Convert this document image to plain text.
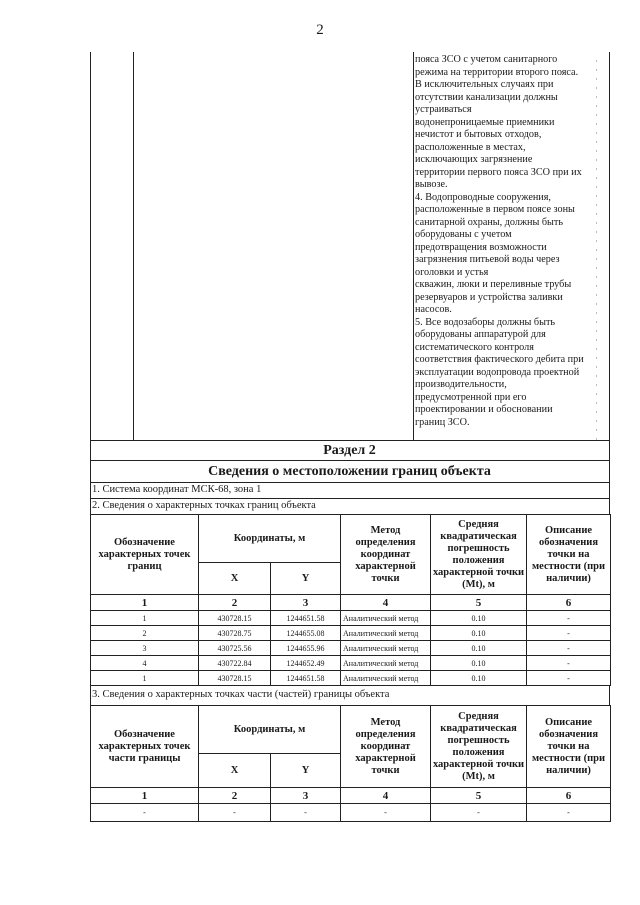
2
поясa ЗСО с учетом санитарного
режима на территории второго пояса.
В исключительных случаях при
отсутствии канализации должны
устраиваться
водонепроницаемые приемники
нечистот и бытовых отходов,
расположенные в местах,
исключающих загрязнение
территории первого пояса ЗСО при их
вывозе.
4. Водопроводные сооружения,
расположенные в первом поясе зоны
санитарной охраны, должны быть
оборудованы с учетом
предотвращения возможности
загрязнения питьевой воды через
оголовки и устья
скважин, люки и переливные трубы
резервуаров и устройства заливки
насосов.
5. Все водозаборы должны быть
оборудованы аппаратурой для
систематического контроля
соответствия фактического дебита при
эксплуатации водопровода проектной
производительности,
предусмотренной при его
проектировании и обосновании
границ ЗСО.
Раздел 2
Сведения о местоположении границ объекта
1. Система координат МСК-68, зона 1
2. Сведения о характерных точках границ объекта
Обозначение характерных точек границ	Координаты, м		Метод определения координат характерной точки	Средняя квадратическая погрешность положения характерной точки (Mt), м	Описание обозначения точки на местности (при наличии)
	X	Y			
1	2	3	4	5	6
1	430728.15	1244651.58	Аналитический метод	0.10	-
2	430728.75	1244655.08	Аналитический метод	0.10	-
3	430725.56	1244655.96	Аналитический метод	0.10	-
4	430722.84	1244652.49	Аналитический метод	0.10	-
1	430728.15	1244651.58	Аналитический метод	0.10	-
3. Сведения о характерных точках части (частей) границы объекта
Обозначение характерных точек части границы	Координаты, м		Метод определения координат характерной точки	Средняя квадратическая погрешность положения характерной точки (Mt), м	Описание обозначения точки на местности (при наличии)
	X	Y			
1	2	3	4	5	6
-	-	-	-	-	-
